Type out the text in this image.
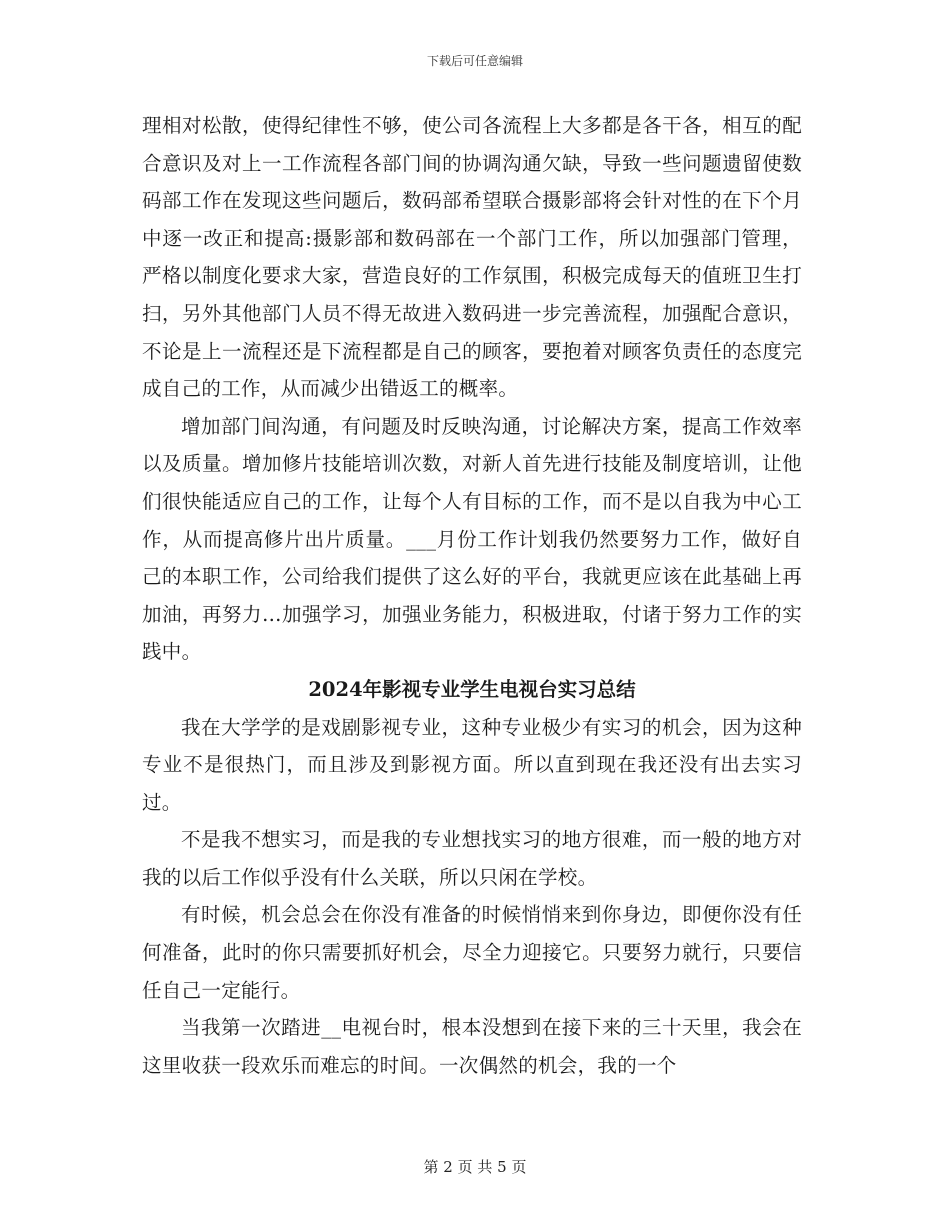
下载后可任意编辑

理相对松散，使得纪律性不够，使公司各流程上大多都是各干各，相互的配合意识及对上一工作流程各部门间的协调沟通欠缺，导致一些问题遗留使数码部工作在发现这些问题后，数码部希望联合摄影部将会针对性的在下个月中逐一改正和提高:摄影部和数码部在一个部门工作，所以加强部门管理，严格以制度化要求大家，营造良好的工作氛围，积极完成每天的值班卫生打扫，另外其他部门人员不得无故进入数码进一步完善流程，加强配合意识，不论是上一流程还是下流程都是自己的顾客，要抱着对顾客负责任的态度完成自己的工作，从而减少出错返工的概率。

增加部门间沟通，有问题及时反映沟通，讨论解决方案，提高工作效率以及质量。增加修片技能培训次数，对新人首先进行技能及制度培训，让他们很快能适应自己的工作，让每个人有目标的工作，而不是以自我为中心工作，从而提高修片出片质量。___月份工作计划我仍然要努力工作，做好自己的本职工作，公司给我们提供了这么好的平台，我就更应该在此基础上再加油，再努力…加强学习，加强业务能力，积极进取，付诸于努力工作的实践中。

2024年影视专业学生电视台实习总结

我在大学学的是戏剧影视专业，这种专业极少有实习的机会，因为这种专业不是很热门，而且涉及到影视方面。所以直到现在我还没有出去实习过。

不是我不想实习，而是我的专业想找实习的地方很难，而一般的地方对我的以后工作似乎没有什么关联，所以只闲在学校。

有时候，机会总会在你没有准备的时候悄悄来到你身边，即便你没有任何准备，此时的你只需要抓好机会，尽全力迎接它。只要努力就行，只要信任自己一定能行。

当我第一次踏进__电视台时，根本没想到在接下来的三十天里，我会在这里收获一段欢乐而难忘的时间。一次偶然的机会，我的一个

第 2 页 共 5 页
